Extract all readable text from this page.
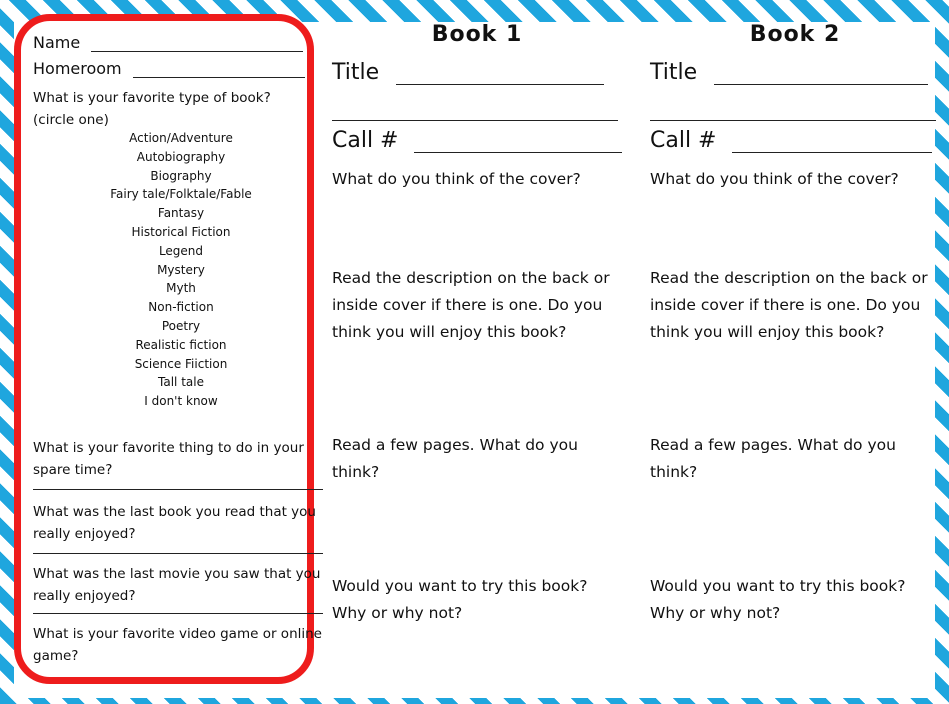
Name
Homeroom
What is your favorite type of book?
(circle one)
Action/Adventure
Autobiography
Biography
Fairy tale/Folktale/Fable
Fantasy
Historical Fiction
Legend
Mystery
Myth
Non-fiction
Poetry
Realistic fiction
Science Fiiction
Tall tale
I don't know
What is your favorite thing to do in your spare time?
What was the last book you read that you really enjoyed?
What was the last movie you saw that you really enjoyed?
What is your favorite video game or online game?
Book 1
Title
Call #
What do you think of the cover?
Read the description on the back or inside cover if there is one. Do you think you will enjoy this book?
Read a few pages. What do you think?
Would you want to try this book? Why or why not?
Book 2
Title
Call #
What do you think of the cover?
Read the description on the back or inside cover if there is one. Do you think you will enjoy this book?
Read a few pages. What do you think?
Would you want to try this book? Why or why not?
